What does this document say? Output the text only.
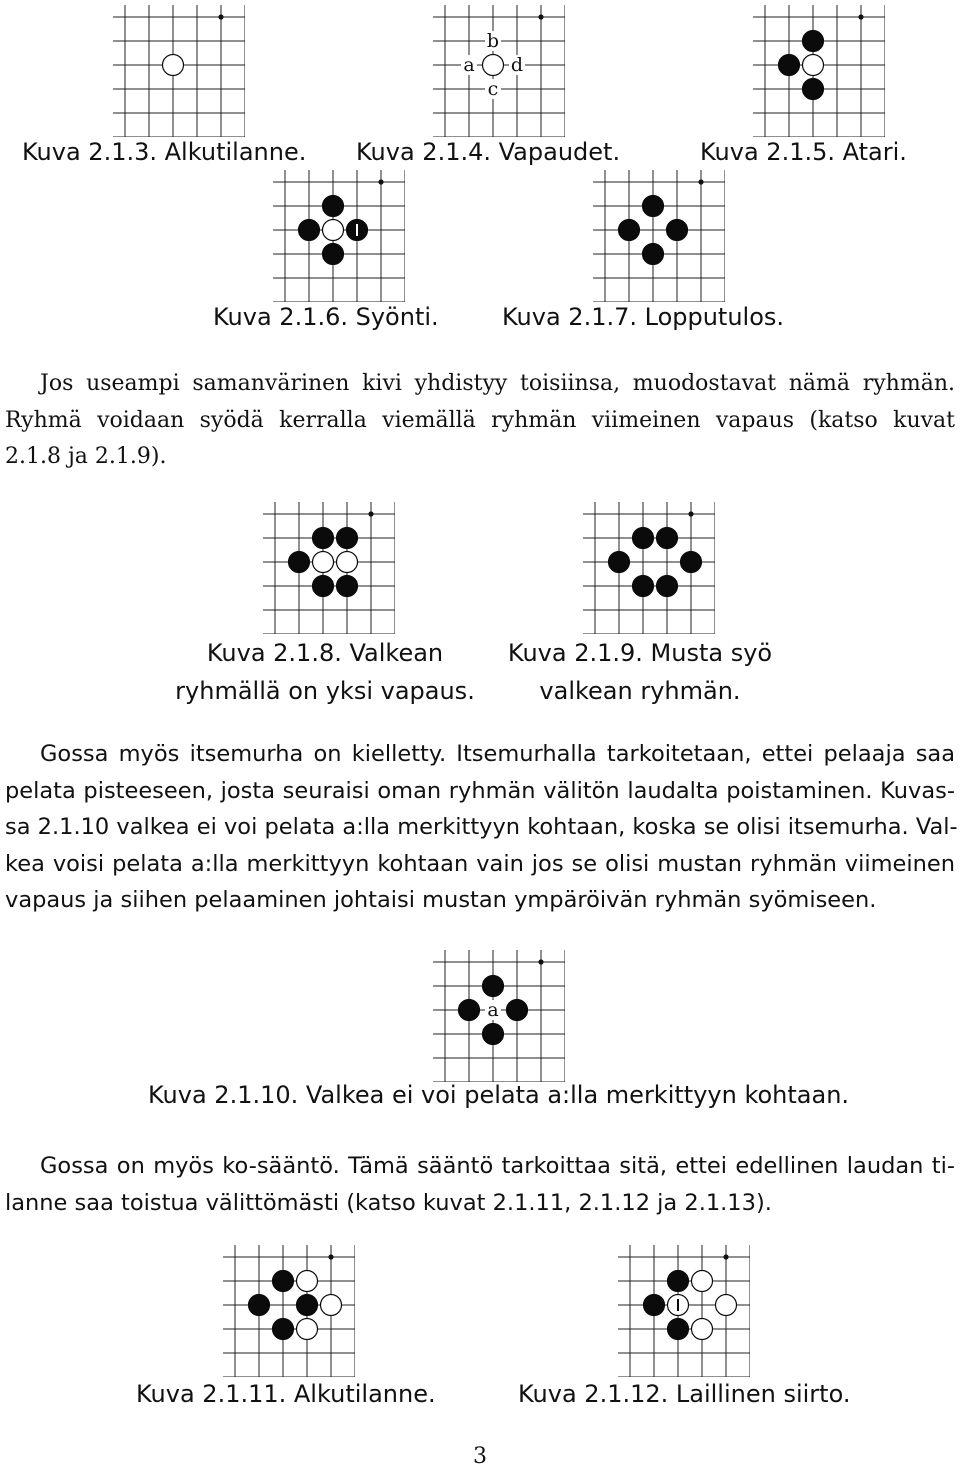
b
a d
c
a
Kuva 2.1.3. Alkutilanne. Kuva 2.1.4. Vapaudet.	Kuva 2.1.5. Atari.
Kuva 2.1.6. Syönti.	Kuva 2.1.7. Lopputulos.
Kuva 2.1.8. Valkean
ryhmällä on yksi vapaus.
Kuva 2.1.9. Musta syö
valkean ryhmän.
Kuva 2.1.10. Valkea ei voi pelata a:lla merkittyyn kohtaan.
Kuva 2.1.11. Alkutilanne.	Kuva 2.1.12. Laillinen siirto.
Jos useampi samanvärinen kivi yhdistyy toisiinsa, muodostavat nämä ryhmän.
Ryhmä voidaan syödä kerralla viemällä ryhmän viimeinen vapaus (katso kuvat
2.1.8 ja 2.1.9).
Gossa myös itsemurha on kielletty. Itsemurhalla tarkoitetaan, ettei pelaaja saa
pelata pisteeseen, josta seuraisi oman ryhmän välitön laudalta poistaminen. Kuvas-
sa 2.1.10 valkea ei voi pelata a:lla merkittyyn kohtaan, koska se olisi itsemurha. Val-
kea voisi pelata a:lla merkittyyn kohtaan vain jos se olisi mustan ryhmän viimeinen
vapaus ja siihen pelaaminen johtaisi mustan ympäröivän ryhmän syömiseen.
Gossa on myös ko-sääntö. Tämä sääntö tarkoittaa sitä, ettei edellinen laudan ti-
lanne saa toistua välittömästi (katso kuvat 2.1.11, 2.1.12 ja 2.1.13).
3
